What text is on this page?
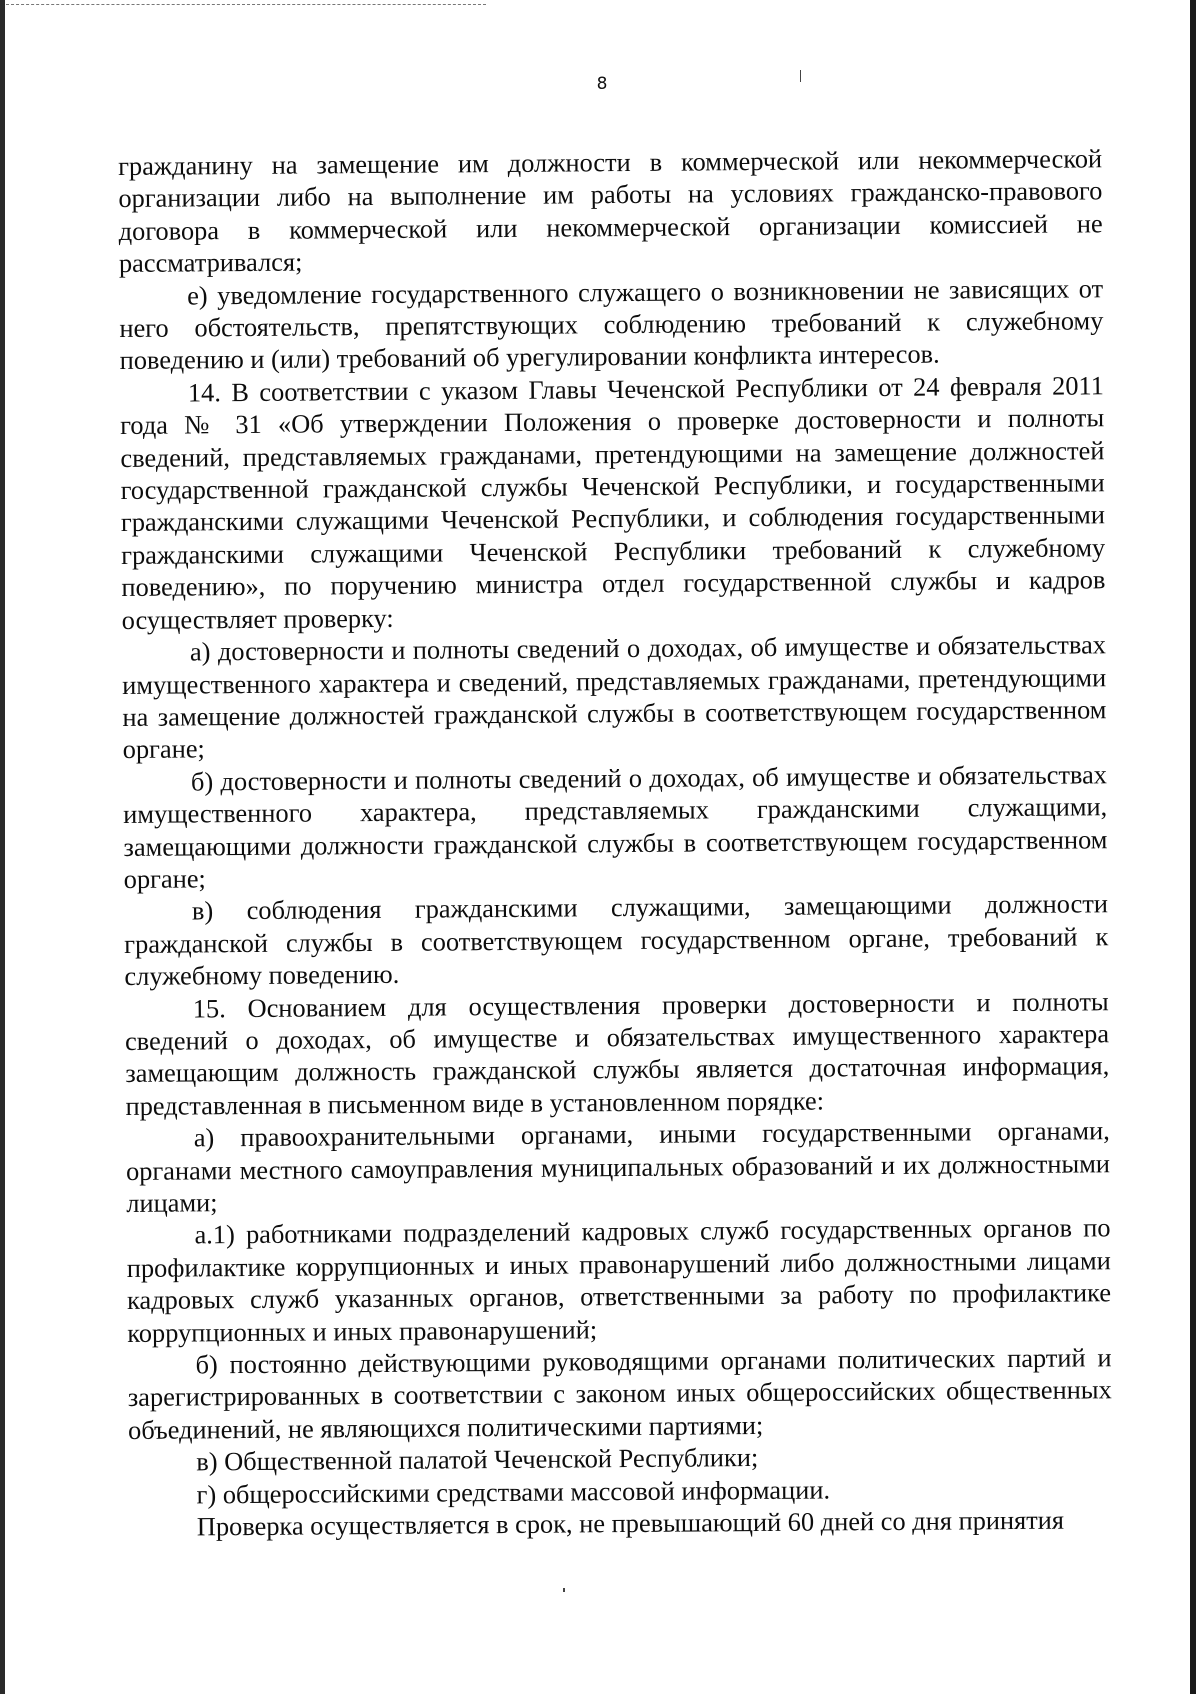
8

гражданину на замещение им должности в коммерческой или некоммерческой организации либо на выполнение им работы на условиях гражданско-правового договора в коммерческой или некоммерческой организации комиссией не рассматривался;

е) уведомление государственного служащего о возникновении не зависящих от него обстоятельств, препятствующих соблюдению требований к служебному поведению и (или) требований об урегулировании конфликта интересов.

14. В соответствии с указом Главы Чеченской Республики от 24 февраля 2011 года № 31 «Об утверждении Положения о проверке достоверности и полноты сведений, представляемых гражданами, претендующими на замещение должностей государственной гражданской службы Чеченской Республики, и государственными гражданскими служащими Чеченской Республики, и соблюдения государственными гражданскими служащими Чеченской Республики требований к служебному поведению», по поручению министра отдел государственной службы и кадров осуществляет проверку:

а) достоверности и полноты сведений о доходах, об имуществе и обязательствах имущественного характера и сведений, представляемых гражданами, претендующими на замещение должностей гражданской службы в соответствующем государственном органе;

б) достоверности и полноты сведений о доходах, об имуществе и обязательствах имущественного характера, представляемых гражданскими служащими, замещающими должности гражданской службы в соответствующем государственном органе;

в) соблюдения гражданскими служащими, замещающими должности гражданской службы в соответствующем государственном органе, требований к служебному поведению.

15. Основанием для осуществления проверки достоверности и полноты сведений о доходах, об имуществе и обязательствах имущественного характера замещающим должность гражданской службы является достаточная информация, представленная в письменном виде в установленном порядке:

а) правоохранительными органами, иными государственными органами, органами местного самоуправления муниципальных образований и их должностными лицами;

а.1) работниками подразделений кадровых служб государственных органов по профилактике коррупционных и иных правонарушений либо должностными лицами кадровых служб указанных органов, ответственными за работу по профилактике коррупционных и иных правонарушений;

б) постоянно действующими руководящими органами политических партий и зарегистрированных в соответствии с законом иных общероссийских общественных объединений, не являющихся политическими партиями;

в) Общественной палатой Чеченской Республики;

г) общероссийскими средствами массовой информации.

Проверка осуществляется в срок, не превышающий 60 дней со дня принятия
